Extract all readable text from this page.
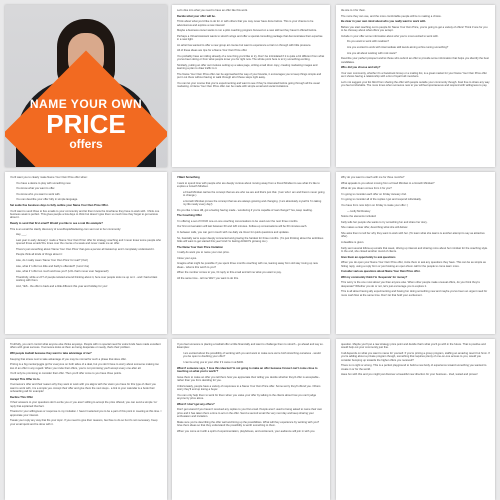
NAME YOUR OWN
PRICE
offers

Let's dive into what you need to have an offer like this work.

Decide what your offer will be.

Think about what you'd like to do for or with others that you may never have done before. This is your chance to be adventurous and explore a new interest!

Maybe a business owner wants to run a pilot coaching program focused on a new skill set they haven't offered before.

Perhaps a Virtual Assistant wants to stretch wings and offer a special consulting package that demonstrates their expertise in a new light.

An artist has wanted to offer a new group art course but want to experience a trial run through with little pressure.

All of these ideas are ripe for a Name Your Own Price offer.

You probably have an inkling already of a new thing you'd like to try. Don't be intimidated if it is quite a bit different from what you've been doing or from what people know you for right now. The whole point here is to try something exciting.

Similarly, putting an offer out involves setting up a sales page, writing email drum copy, creating marketing images and learning a plan to draw traffic to it.

The Name Your Own Price offer can be approached the way of your favorite, it encourages you to keep things simple and put it out there without having to walk through all of these steps right away.

You can let your course that you're experimenting and want to see if they're interested before going through all the usual marketing. A Name Your Own Price offer can be made with simple email and social invitations.

tile site to it for them.

The more they can use, and the more comfortable people will be to making a choice.

Be clear in your own mind about who you really want to work with.

Before you start reaching out to people for Name Your Own Price, you're going to get a variety of offers! Think if one for you to be choosey about what offers you accept.

Include in your offer some information about who you're most excited to work with.

Do you want to work with newbies?

Are you excited to work with intermediate skill levels aiming at fine tuning something?

Are you all about working with rock stars?

Describe your perfect prospect and let those who submit an offer to provide some information that helps you identify the best candidates.

Who did you choose and why?

Your own community, whether it's a Facebook Group or a mailing list, is a great market for your Name Your Own Price offer as it shows having a relationship with a list of loyal built members.

Let's not suggest your list blind from sharing the offer with people outside your community though. Feel free to share any way you feel comfortable. The more times when someone new to you will feel spontaneous and respond with willingness to pay.

You'll want you to clearly make Name Your Own Price offer when:

You have a desire to play with something new.

You know what you want to offer.

You know who you want to work with.

You can describe your offer fully in simple language.

Set aside five business days to fully outline your Name Your Own Price Offer.

You'll want to send three to five emails to your community and let them know the timeframe they have to work with. I think one business week is perfect. This gives people a few days to think but doesn't give them so much time they forget to get serious about it.

Ready to send that first email? Would you like to see a real life example?

This is an email the Hardy discovery of LovePeopleMarketing.com sent out to her community:

Hey ___,

Last year in early January I made a 'Name Your Own Price' offer for strategy coaching and I never knew some people who opened those emails 50+ times over the course of a week and never made me an offer.

There's just something about 'Name Your Own Price' that gets a person all twisted up and I completely understand it.

People think all kinds of things about it:

Like, do I really mean 'Name Your Own Price' for real? (Yes!)

Like, what if I offer too little and Kathy's offended? (I won't be)

Like, what if I offer too much and lose you? (LOL that's never ever happened!)

Thankfully, while a LOT of people twisted around thinking about it, here over people took me up on it - and I had a blast working with them.

And, YES - the offer is back and a little different this year and holiday for you!

I Want Something

I want to spend time with people who are deeply curious about moving away from a Fixed Mindset to see what it's like to explore a Growth Mindset.

a Fixed Mindset carries the concept that we are who we are and that's just that. (I am who I am and there's never going to change.)

a Growth Mindset proves the concept that we are always growing and changing. (I am absolutely myself & I'm taking my life newly every day!)

Do you like I crave dill, got a feeling having made - wondering if you're capable of real change? Yes, keep reading.

The Coaching Offer

I'm offering a set of FOUR one-on-one coaching conversations to be used over the next three months.

Our first conversation will last between 60 and 120 minutes. Follow-up conversations will be 60 minutes each.

In between calls, you can get in touch with me daily via Voxer for quick questions and updates.

So, basically we're super deeply connected and growing the hardest for three months. (I'm just thinking about the ambitious folks will want to get started this year! And I'm feeling ALWAYS growing too.)

The Name Your Own Price Invitation

I really do want you to name your own price.

Close your eyes.

Imagine what might be possible if you spent three months coaching with me, leaning away from old stay roving up new ideas - what is this worth to you?

When the number comes to you, hit reply to this email and tell me what you want to pay.

All the same time - tell me WHY you want to do this.

Why do you want to coach with me for three months?

What appeals to you about moving from a Fixed Mindset to a Growth Mindset?

What do you dream comes from it for you?

I'm going to consider each offer on Friday January 2nd.

I'm going to consider all of the replies I get and respond individually.

You have from now 12pm on Friday to make your offer :)

— Holly McCloskey

Notice the elements included:

Kelly tells her people she wants to try something fun and share her story.

She makes a clear offer, describing what she will deliver.

She asks them to tell her why they want to work with her. (To learn what she learns is another attempt to say as attractive offer).

A deadline is given.

Kelly sent several follow-up emails that week, driving up interest and sharing more about her mindset for the coaching style. In the end, she closed another round of clients.

Give them an opportunity to ask questions

When you do open your Name Your Own Price offer, invite them to ask any questions they have. This can be as simple as hitting reply, using a reply form or just hosting an open Zoom call for the people to come learn more.

Consider various questions about Name Your Own Price offer.

Will my community think I'm 'desperate' for money?

This worry is the one most about you than anyone else. When other people make unusual offers, do you think they're desperate? Whether you do or not, let's just encourage you to explore it.

This is all about having ally experimenting and having fun doing something new and maybe you've been an urgent need for more cash flow at the same time. Don't let that hold your excitement.

Truthfully, you can't control what anyone else thinks anyways. People with no special need for extra funds have made excellent offers with great success. If someone looks at them as being desperate or needy, that's their problem.

Will people lowball because they want to take advantage of me?

Keeping that stress next to take advantage of you may be normal for such a phase that does offer.

Pricing is a big mental juggle ppl for everyone on both sides of a deal, but you don't have to worry about someone making too low of an offer in any regard. When you invite their offers, you're not promising you'll accept every one after all.

You'll only be promising to consider their offer. Then you'll offer come to you have three points.

Accept This Offer As Is.

If someone's offer and their reason why they want to work with you aligns with the vision you have for this type of client you want to work with, it is a simple yes. Accept their offer and give them the next steps - a link to your calendar is a book their onboarding call for example!

Decline This Offer

If their answers to your questions don't excite you or you aren't willing to accept the price offered, you can send a simple 'no' reply that explained that fact.

Thanks for your willingness or response to my invitation. I haven't selected you to be a part of this point in meeting at this time. I appreciate your interest.

Tweak your reply any way that fits your topic. If you need to give their reasons, feel free to do so but it's not necessary. Keep your email quick and be done with it.

If you feel someone is placing a lowball offer a little financially and want to challenge them to stretch - go ahead and say so. Examples:

I am excited about the possibility of working with you and want to make sure we're both stretching ourselves - would you be open to doubling your offer?

I can be a big yes to your offer if it came in at $200.

What if someone says, 'I love this idea but I'm not going to make an offer because I know I can't come close to touching on what you're worth'?

Gave them to make an offer you tell them how you appreciate their telling you decide whether they'd offer is acceptable - rather than you from deciding for you.

Unfortunately, people have a variety of responses to a Name Your Own Price offer. Some worry they'll offend you. Others worry they'll end up losing a buyer.

You can only help them to work for them when you value your offer by talking to the clients about how you can't judge anyone by price alone.

What if I don't get any offers?

Don't get scared if you haven't received any replies to you first email. People aren't used to being asked to name their own price and it has taken them a time to act on the offer. Send a second email the very next day and keep sharing your enthusiasm and invitation.

Make sure you're describing the offer well and lining up the possibilities. What will they experience by working with you? Give them ideas so that they understand the possibility is worth something to them.

When you come at it with a spirit of experimentation, playfulness, and excitement, your audience will join in with you.

question. Maybe you'll put a raw strategy price point and decide that's what you'll go with in the future. That is positive and would help out your community just fine.

It all depends on what you want to name for yourself. If you're pricing a group program, staffing an amazing resort but hmm. If you're adding about a private program though, something that requires plenty of one-on-one access to you, would you consider bumping up towards the higher offers you received?

There is no right or wrong. This is a perfect playground to build a new body of experience toward something you wanted to create in or for the world.

Have fun with this and you might just discover a beautiful new direction for your business - tried, tested and proven!
